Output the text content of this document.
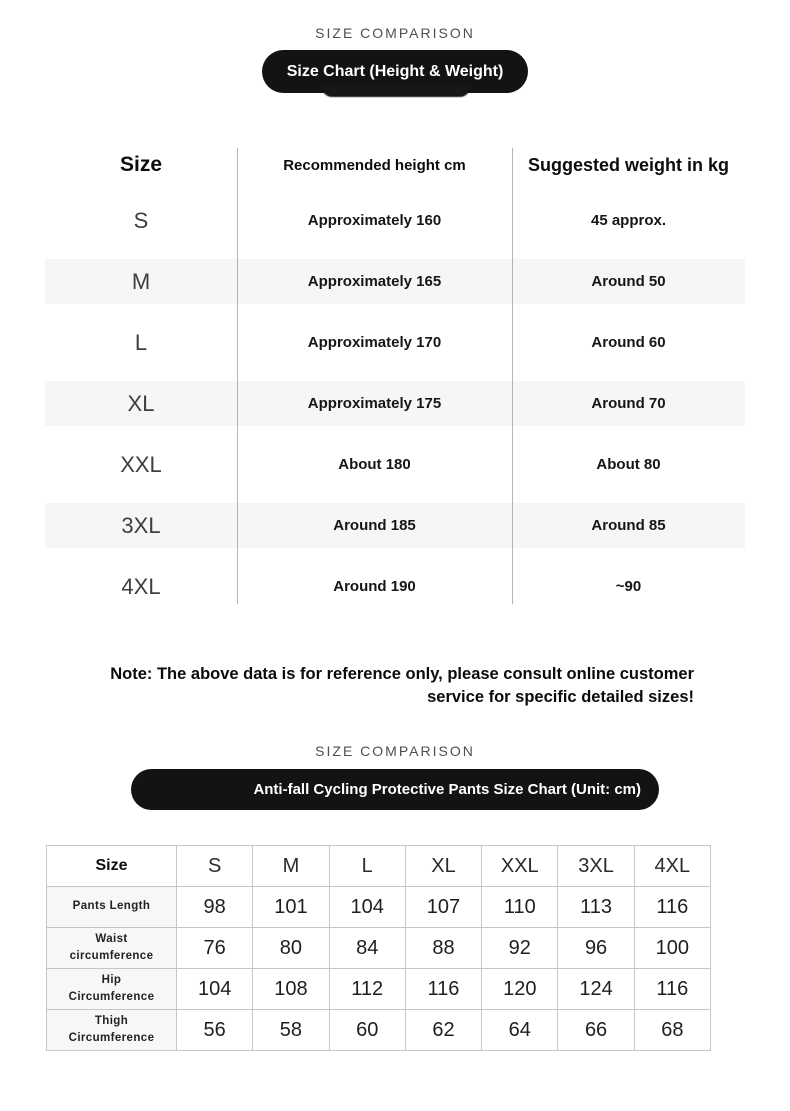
SIZE COMPARISON
Size Chart (Height & Weight)
Size	Recommended height cm	Suggested weight in kg
S	Approximately 160	45 approx.
M	Approximately 165	Around 50
L	Approximately 170	Around 60
XL	Approximately 175	Around 70
XXL	About 180	About 80
3XL	Around 185	Around 85
4XL	Around 190	~90
Note: The above data is for reference only, please consult online customer service for specific detailed sizes!
SIZE COMPARISON
Anti-fall Cycling Protective Pants Size Chart (Unit: cm)
Size	S	M	L	XL	XXL	3XL	4XL
Pants Length	98	101	104	107	110	113	116
Waist circumference	76	80	84	88	92	96	100
Hip Circumference	104	108	112	116	120	124	116
Thigh Circumference	56	58	60	62	64	66	68
